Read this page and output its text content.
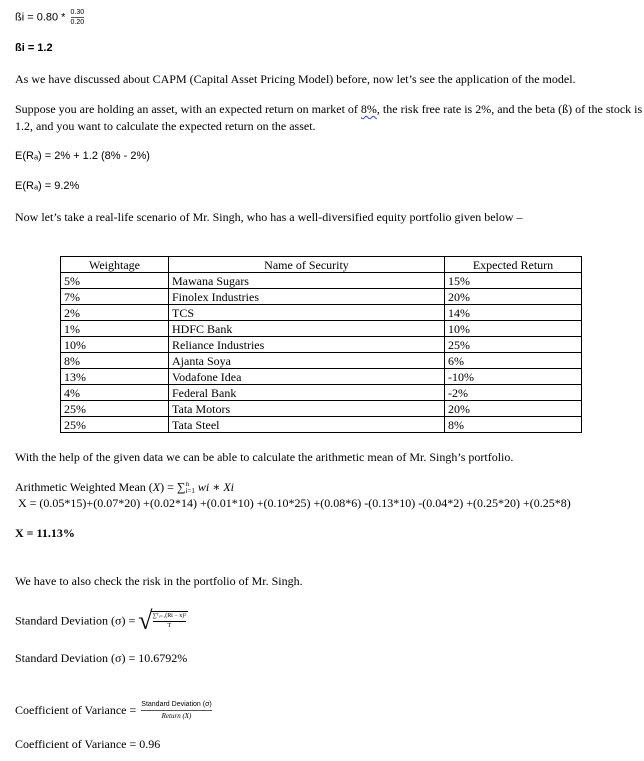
ßi = $0.80 * \frac{0.30}{0.20}$
ßi = 1.2
As we have discussed about CAPM (Capital Asset Pricing Model) before, now let’s see the application of the model.
Suppose you are holding an asset, with an expected return on market of 8%, the risk free rate is 2%, and the beta (ß) of the stock is
1.2, and you want to calculate the expected return on the asset.
E(Rₐ) = 2% + 1.2 (8% - 2%)
E(Rₐ) = 9.2%
Now let’s take a real-life scenario of Mr. Singh, who has a well-diversified equity portfolio given below –
Weightage	Name of Security	Expected Return
5%	Mawana Sugars	15%
7%	Finolex Industries	20%
2%	TCS	14%
1%	HDFC Bank	10%
10%	Reliance Industries	25%
8%	Ajanta Soya	6%
13%	Vodafone Idea	-10%
4%	Federal Bank	-2%
25%	Tata Motors	20%
25%	Tata Steel	8%
With the help of the given data we can be able to calculate the arithmetic mean of Mr. Singh’s portfolio.
Arithmetic Weighted Mean (X) = ∑ n
i=1 wi ∗ Xi
X = (0.05*15)+(0.07*20) +(0.02*14) +(0.01*10) +(0.10*25) +(0.08*6) -(0.13*10) -(0.04*2) +(0.25*20) +(0.25*8)
X = 11.13%
We have to also check the risk in the portfolio of Mr. Singh.
Standard Deviation (σ) = √
$\frac{\text{∑ᵀᵢ₌₁(Rt − x)²}}{T}$
Standard Deviation (σ) = 10.6792%
Coefficient of Variance = $\frac{\text{Standard Deviation (σ)}}{\text{Return (X)}}$
Coefficient of Variance = 0.96
